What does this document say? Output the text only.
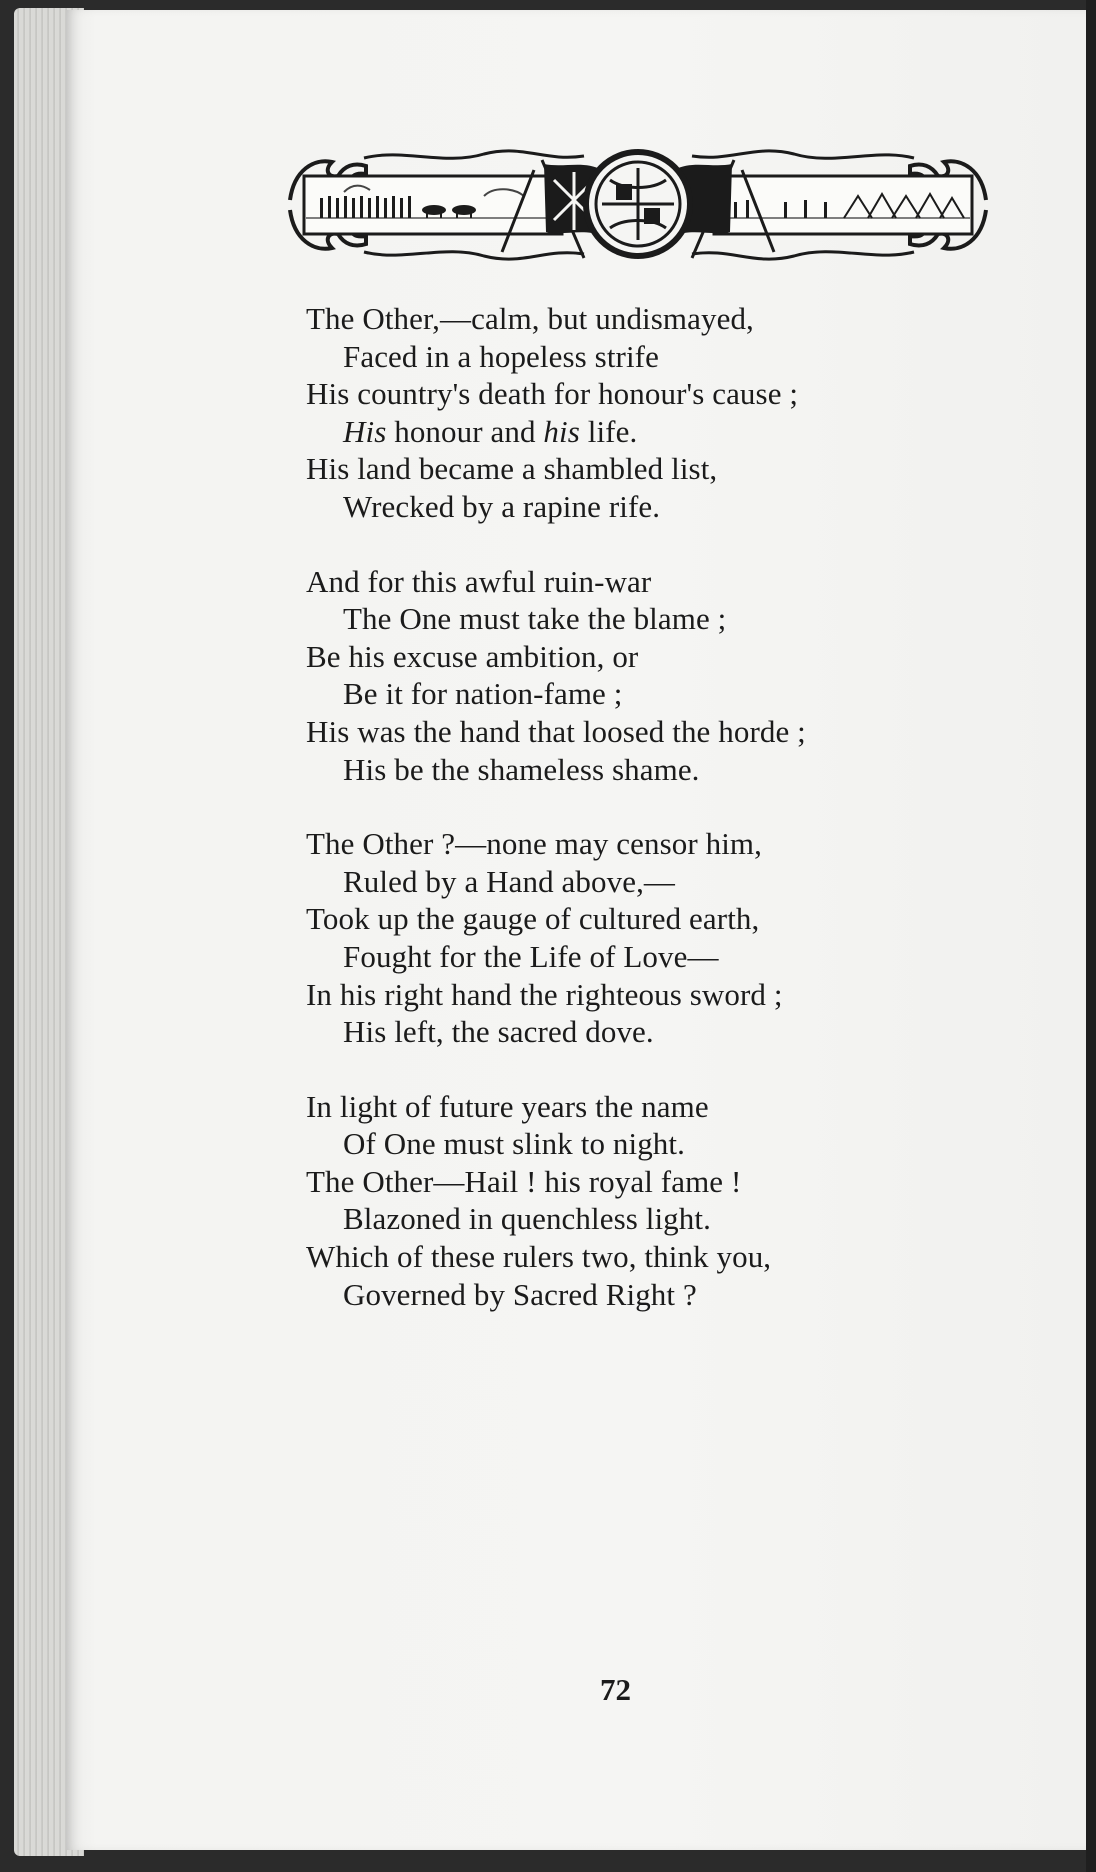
The Other,—calm, but undismayed,
Faced in a hopeless strife
His country's death for honour's cause ;
His honour and his life.
His land became a shambled list,
Wrecked by a rapine rife.
And for this awful ruin-war
The One must take the blame ;
Be his excuse ambition, or
Be it for nation-fame ;
His was the hand that loosed the horde ;
His be the shameless shame.
The Other ?—none may censor him,
Ruled by a Hand above,—
Took up the gauge of cultured earth,
Fought for the Life of Love—
In his right hand the righteous sword ;
His left, the sacred dove.
In light of future years the name
Of One must slink to night.
The Other—Hail ! his royal fame !
Blazoned in quenchless light.
Which of these rulers two, think you,
Governed by Sacred Right ?
72
